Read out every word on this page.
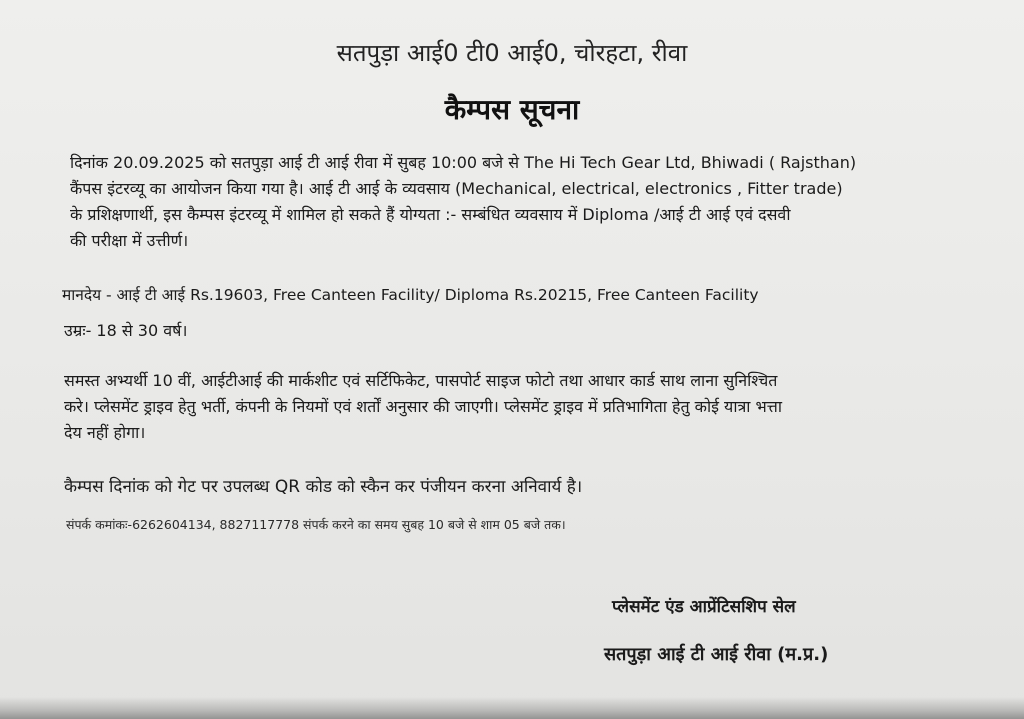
सतपुड़ा आई0 टी0 आई0, चोरहटा, रीवा
कैम्पस सूचना
दिनांक 20.09.2025 को सतपुड़ा आई टी आई रीवा में सुबह 10:00 बजे से The Hi Tech Gear Ltd, Bhiwadi ( Rajsthan)
कैंपस इंटरव्यू का आयोजन किया गया है। आई टी आई के व्यवसाय (Mechanical, electrical, electronics , Fitter trade)
के प्रशिक्षणार्थी, इस कैम्पस इंटरव्यू में शामिल हो सकते हैं योग्यता :- सम्बंधित व्यवसाय में Diploma /आई टी आई एवं दसवी
की परीक्षा में उत्तीर्ण।
मानदेय - आई टी आई Rs.19603, Free Canteen Facility/ Diploma Rs.20215, Free Canteen Facility
उम्रः- 18 से 30 वर्ष।
समस्त अभ्यर्थी 10 वीं, आईटीआई की मार्कशीट एवं सर्टिफिकेट, पासपोर्ट साइज फोटो तथा आधार कार्ड साथ लाना सुनिश्चित
करे। प्लेसमेंट ड्राइव हेतु भर्ती, कंपनी के नियमों एवं शर्तों अनुसार की जाएगी। प्लेसमेंट ड्राइव में प्रतिभागिता हेतु कोई यात्रा भत्ता
देय नहीं होगा।
कैम्पस दिनांक को गेट पर उपलब्ध QR कोड को स्कैन कर पंजीयन करना अनिवार्य है।
संपर्क कमांकः-6262604134, 8827117778 संपर्क करने का समय सुबह 10 बजे से शाम 05 बजे तक।
प्लेसमेंट एंड आप्रेंटिसशिप सेल
सतपुड़ा आई टी आई रीवा (म.प्र.)
